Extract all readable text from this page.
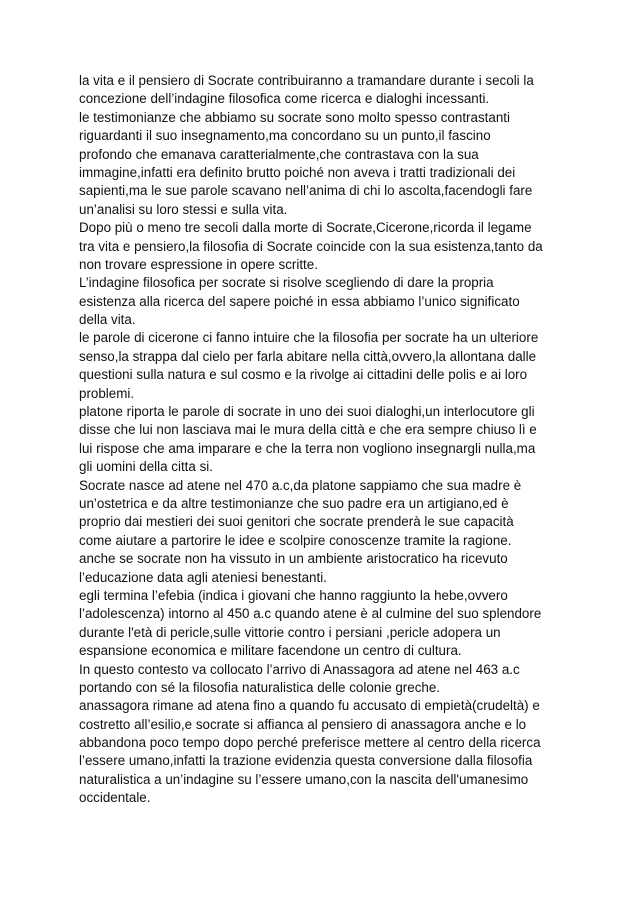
la vita e il pensiero di Socrate contribuiranno a tramandare durante i secoli la
concezione dell’indagine filosofica come ricerca e dialoghi incessanti.
le testimonianze che abbiamo su socrate sono molto spesso contrastanti
riguardanti il suo insegnamento,ma concordano su un punto,il fascino
profondo che emanava caratterialmente,che contrastava con la sua
immagine,infatti era definito brutto poiché non aveva i tratti tradizionali dei
sapienti,ma le sue parole scavano nell’anima di chi lo ascolta,facendogli fare
un’analisi su loro stessi e sulla vita.
Dopo più o meno tre secoli dalla morte di Socrate,Cicerone,ricorda il legame
tra vita e pensiero,la filosofia di Socrate coincide con la sua esistenza,tanto da
non trovare espressione in opere scritte.
L’indagine filosofica per socrate si risolve scegliendo di dare la propria
esistenza alla ricerca del sapere poiché in essa abbiamo l’unico significato
della vita.
le parole di cicerone ci fanno intuire che la filosofia per socrate ha un ulteriore
senso,la strappa dal cielo per farla abitare nella città,ovvero,la allontana dalle
questioni sulla natura e sul cosmo e la rivolge ai cittadini delle polis e ai loro
problemi.
platone riporta le parole di socrate in uno dei suoi dialoghi,un interlocutore gli
disse che lui non lasciava mai le mura della città e che era sempre chiuso lì e
lui rispose che ama imparare e che la terra non vogliono insegnargli nulla,ma
gli uomini della citta si.
Socrate nasce ad atene nel 470 a.c,da platone sappiamo che sua madre è
un’ostetrica e da altre testimonianze che suo padre era un artigiano,ed è
proprio dai mestieri dei suoi genitori che socrate prenderà le sue capacità
come aiutare a partorire le idee e scolpire conoscenze tramite la ragione.
anche se socrate non ha vissuto in un ambiente aristocratico ha ricevuto
l’educazione data agli ateniesi benestanti.
egli termina l’efebia (indica i giovani che hanno raggiunto la hebe,ovvero
l’adolescenza) intorno al 450 a.c quando atene è al culmine del suo splendore
durante l'età di pericle,sulle vittorie contro i persiani ,pericle adopera un
espansione economica e militare facendone un centro di cultura.
In questo contesto va collocato l’arrivo di Anassagora ad atene nel 463 a.c
portando con sé la filosofia naturalistica delle colonie greche.
anassagora rimane ad atena fino a quando fu accusato di empietà(crudeltà) e
costretto all’esilio,e socrate si affianca al pensiero di anassagora anche e lo
abbandona poco tempo dopo perché preferisce mettere al centro della ricerca
l’essere umano,infatti la trazione evidenzia questa conversione dalla filosofia
naturalistica a un’indagine su l’essere umano,con la nascita dell'umanesimo
occidentale.
